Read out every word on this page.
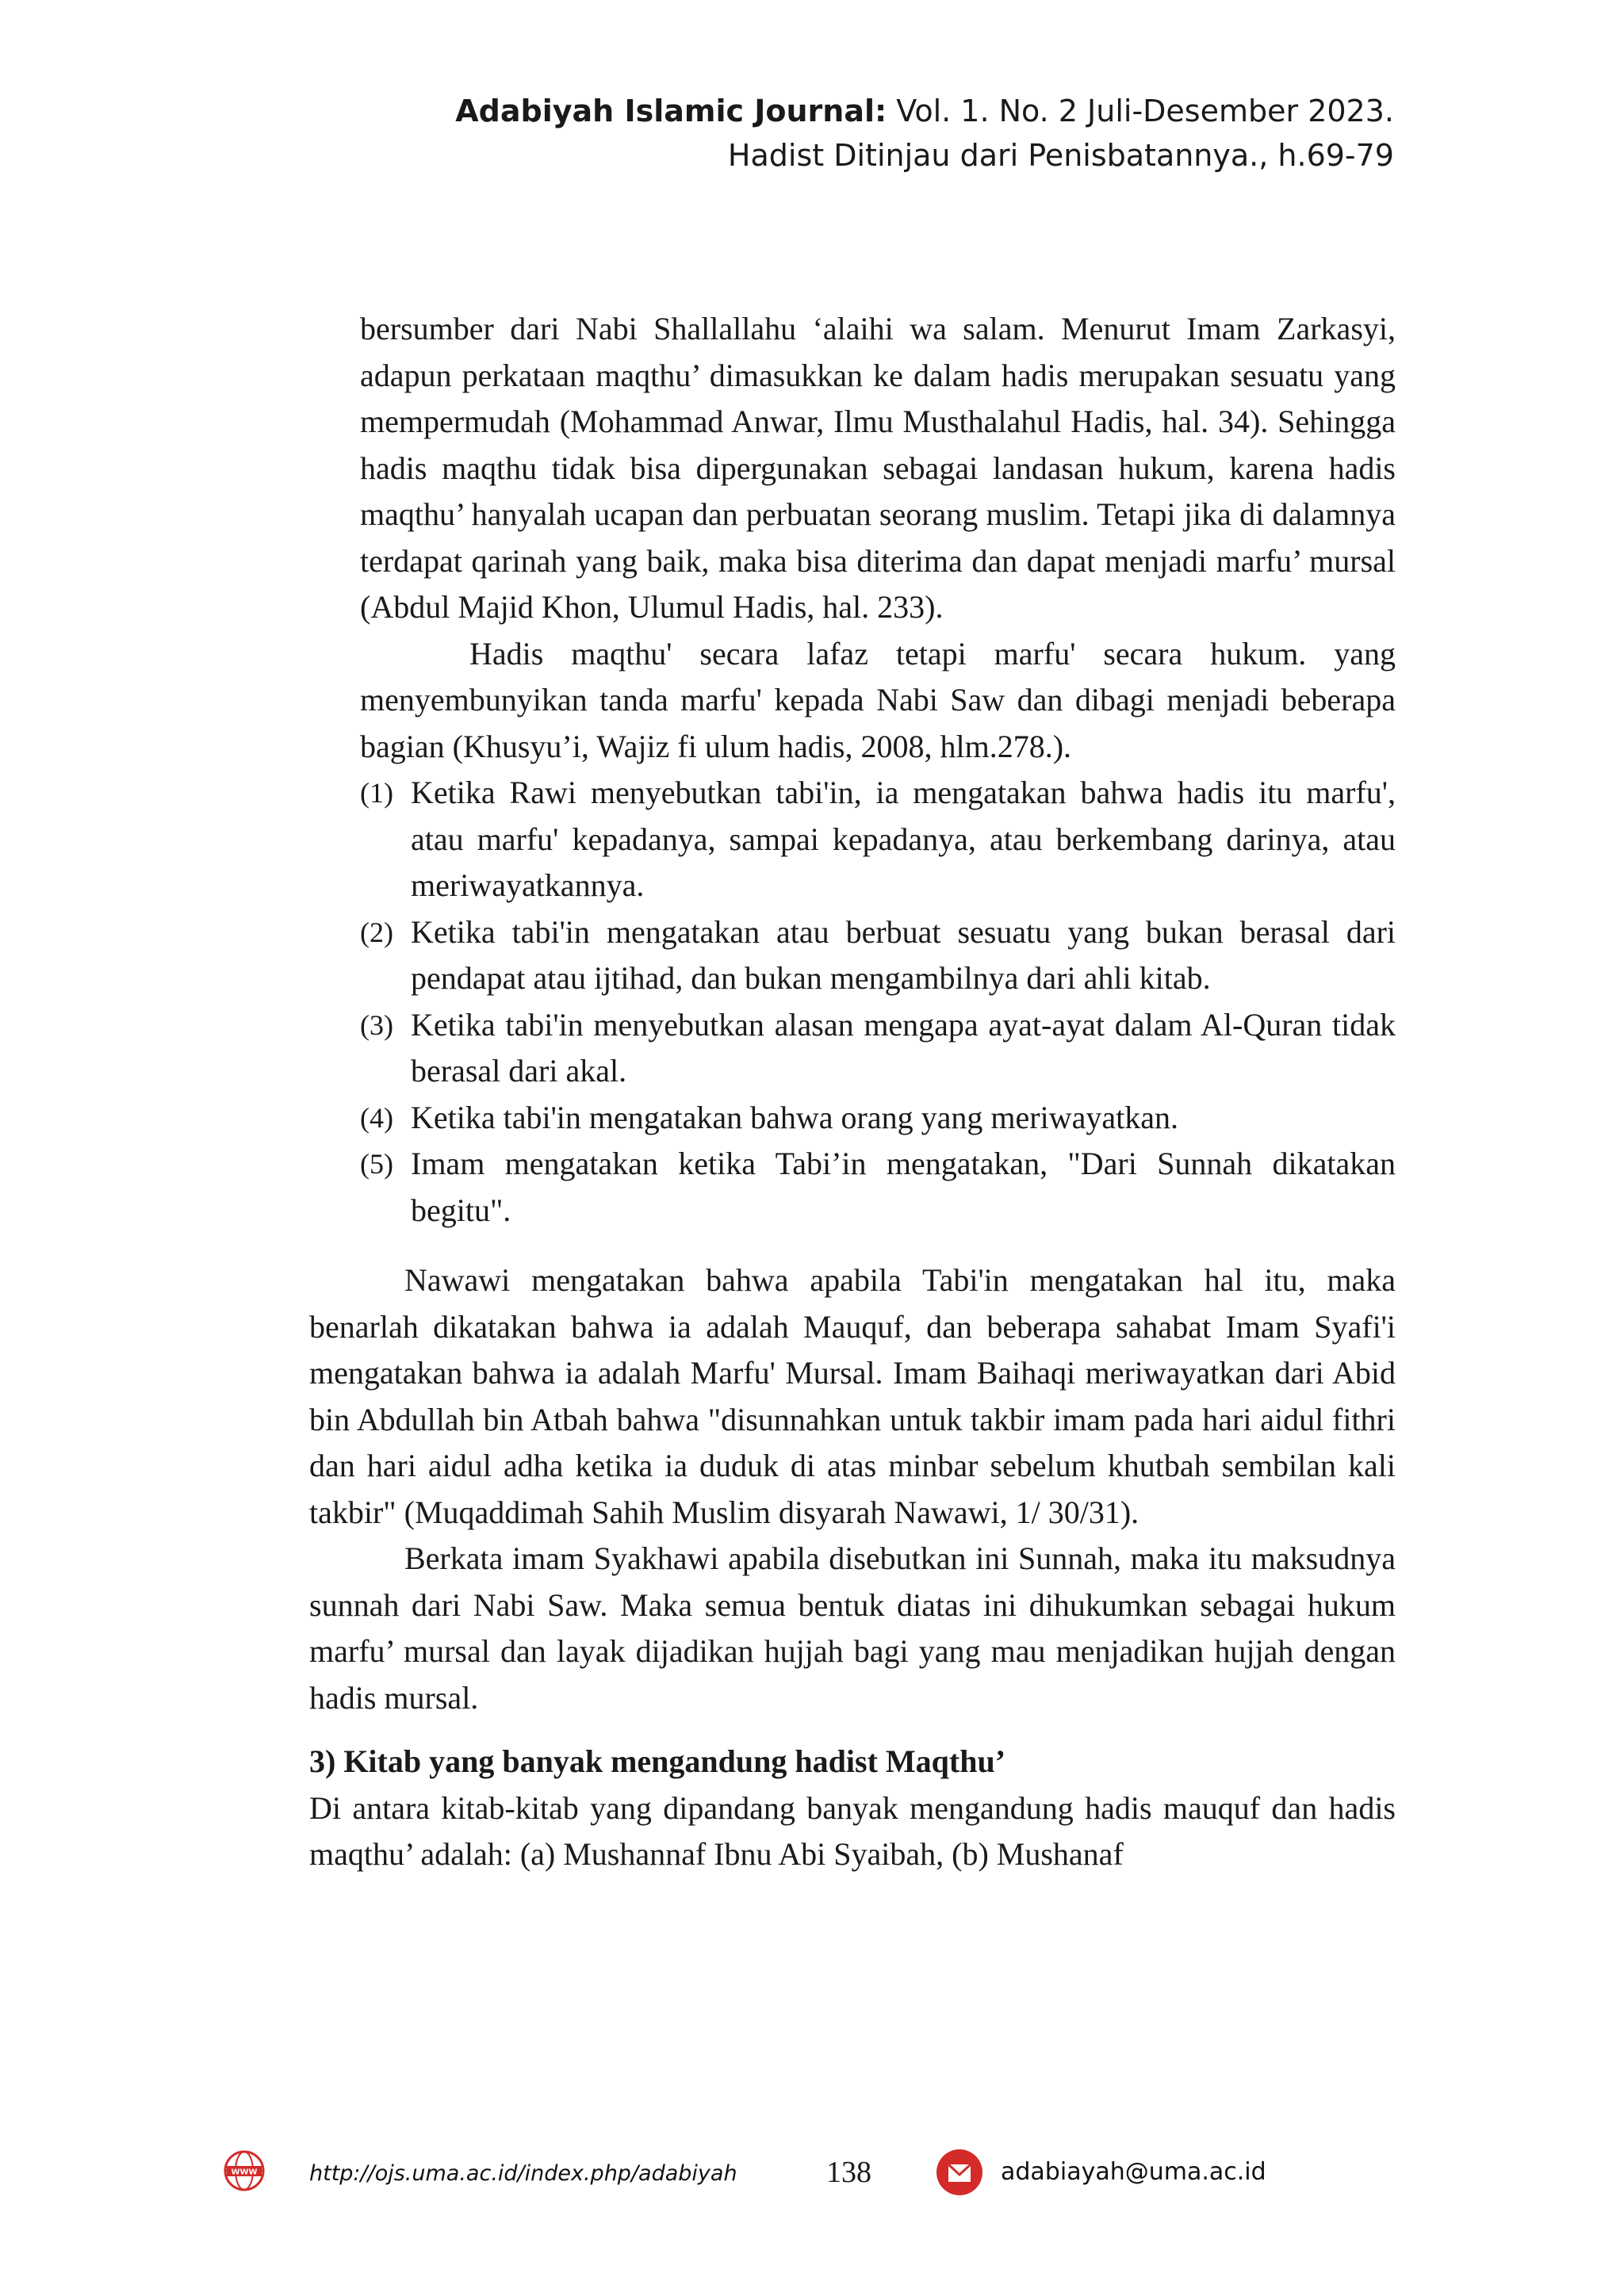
Adabiyah Islamic Journal: Vol. 1. No. 2 Juli-Desember 2023.
Hadist Ditinjau dari Penisbatannya., h.69-79

bersumber dari Nabi Shallallahu ‘alaihi wa salam. Menurut Imam Zarkasyi, adapun perkataan maqthu’ dimasukkan ke dalam hadis merupakan sesuatu yang mempermudah (Mohammad Anwar, Ilmu Musthalahul Hadis, hal. 34). Sehingga hadis maqthu tidak bisa dipergunakan sebagai landasan hukum, karena hadis maqthu’ hanyalah ucapan dan perbuatan seorang muslim. Tetapi jika di dalamnya terdapat qarinah yang baik, maka bisa diterima dan dapat menjadi marfu’ mursal (Abdul Majid Khon, Ulumul Hadis, hal. 233).

Hadis maqthu' secara lafaz tetapi marfu' secara hukum. yang menyembunyikan tanda marfu' kepada Nabi Saw dan dibagi menjadi beberapa bagian (Khusyu’i, Wajiz fi ulum hadis, 2008, hlm.278.).

(1) Ketika Rawi menyebutkan tabi'in, ia mengatakan bahwa hadis itu marfu', atau marfu' kepadanya, sampai kepadanya, atau berkembang darinya, atau meriwayatkannya.
(2) Ketika tabi'in mengatakan atau berbuat sesuatu yang bukan berasal dari pendapat atau ijtihad, dan bukan mengambilnya dari ahli kitab.
(3) Ketika tabi'in menyebutkan alasan mengapa ayat-ayat dalam Al-Quran tidak berasal dari akal.
(4) Ketika tabi'in mengatakan bahwa orang yang meriwayatkan.
(5) Imam mengatakan ketika Tabi’in mengatakan, "Dari Sunnah dikatakan begitu".

Nawawi mengatakan bahwa apabila Tabi'in mengatakan hal itu, maka benarlah dikatakan bahwa ia adalah Mauquf, dan beberapa sahabat Imam Syafi'i mengatakan bahwa ia adalah Marfu' Mursal. Imam Baihaqi meriwayatkan dari Abid bin Abdullah bin Atbah bahwa "disunnahkan untuk takbir imam pada hari aidul fithri dan hari aidul adha ketika ia duduk di atas minbar sebelum khutbah sembilan kali takbir" (Muqaddimah Sahih Muslim disyarah Nawawi, 1/ 30/31).

Berkata imam Syakhawi apabila disebutkan ini Sunnah, maka itu maksudnya sunnah dari Nabi Saw. Maka semua bentuk diatas ini dihukumkan sebagai hukum marfu’ mursal dan layak dijadikan hujjah bagi yang mau menjadikan hujjah dengan hadis mursal.

3) Kitab yang banyak mengandung hadist Maqthu’

Di antara kitab-kitab yang dipandang banyak mengandung hadis mauquf dan hadis maqthu’ adalah: (a) Mushannaf Ibnu Abi Syaibah, (b) Mushanaf

WWW http://ojs.uma.ac.id/index.php/adabiyah	138	adabiayah@uma.ac.id
